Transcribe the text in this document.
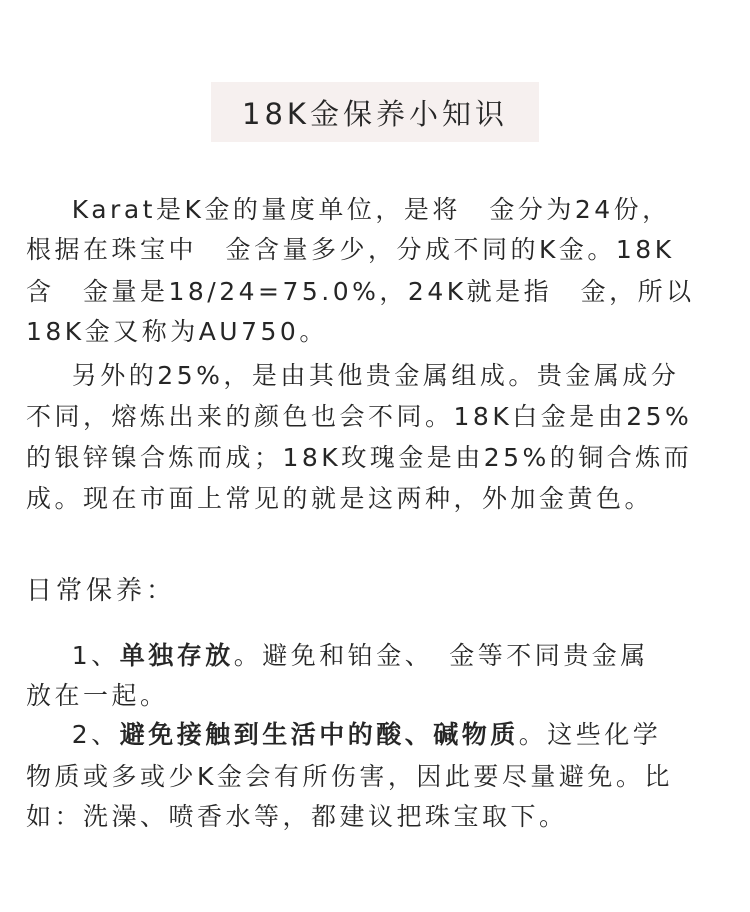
18K金保养小知识
Karat是K金的量度单位，是将　金分为24份，
根据在珠宝中　金含量多少，分成不同的K金。18K
含　金量是18/24=75.0%，24K就是指　金，所以
18K金又称为AU750。
另外的25%，是由其他贵金属组成。贵金属成分
不同，熔炼出来的颜色也会不同。18K白金是由25%
的银锌镍合炼而成；18K玫瑰金是由25%的铜合炼而
成。现在市面上常见的就是这两种，外加金黄色。
日常保养：
1、单独存放。避免和铂金、　金等不同贵金属
放在一起。
2、避免接触到生活中的酸、碱物质。这些化学
物质或多或少K金会有所伤害，因此要尽量避免。比
如：洗澡、喷香水等，都建议把珠宝取下。
